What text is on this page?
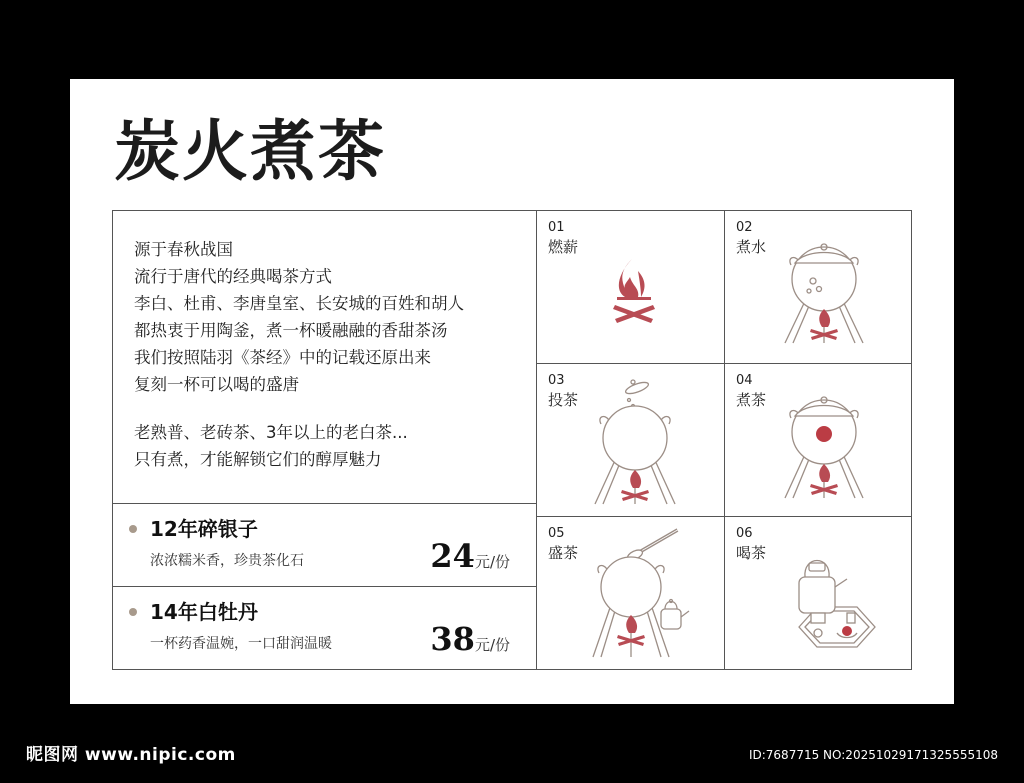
炭火煮茶
源于春秋战国
流行于唐代的经典喝茶方式
李白、杜甫、李唐皇室、长安城的百姓和胡人
都热衷于用陶釜，煮一杯暖融融的香甜茶汤
我们按照陆羽《茶经》中的记载还原出来
复刻一杯可以喝的盛唐
老熟普、老砖茶、3年以上的老白茶...
只有煮，才能解锁它们的醇厚魅力
12年碎银子
浓浓糯米香，珍贵茶化石	24元/份
14年白牡丹
一杯药香温婉，一口甜润温暖	38元/份
01
燃薪
02
煮水
03
投茶
04
煮茶
05
盛茶
06
喝茶
昵图网 www.nipic.com	ID:7687715 NO:20251029171325555108
